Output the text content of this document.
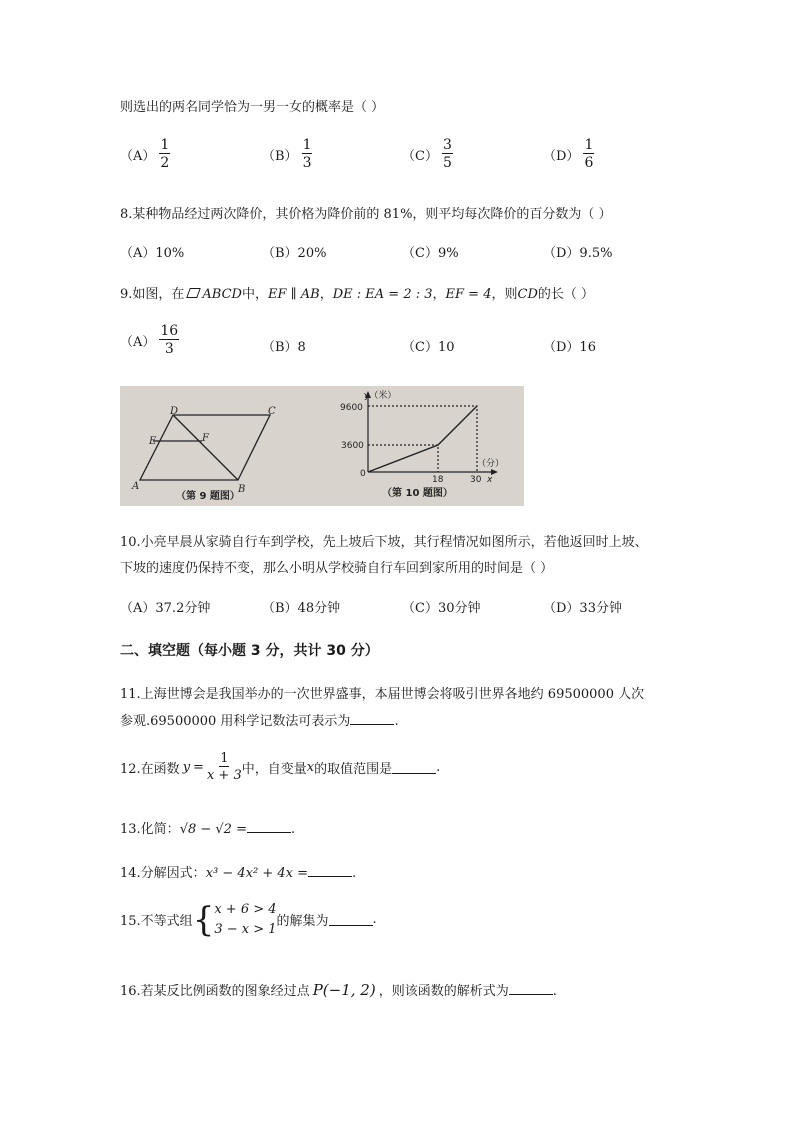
则选出的两名同学恰为一男一女的概率是（ ）
$(A) \frac{1}{2}$	$(B) \frac{1}{3}$	$(C) \frac{3}{5}$	$(D) \frac{1}{6}$
8.某种物品经过两次降价，其价格为降价前的 81%，则平均每次降价的百分数为（ ）
（A）10%	（B）20%	（C）9%	（D）9.5%
9.如图，在 ABCD中，EF ∥ AB，DE : EA = 2 : 3，EF = 4，则CD的长（ ）
$(A) \frac{16}{3}$	（B）8	（C）10	（D）16
A	B
C
D
E	F
（第 9 题图）
y（米）
9600
3600
0
18	30
（分）
x
（第 10 题图）
10.小亮早晨从家骑自行车到学校，先上坡后下坡，其行程情况如图所示，若他返回时上坡、
下坡的速度仍保持不变，那么小明从学校骑自行车回到家所用的时间是（ ）
（A）37.2分钟	（B）48分钟	（C）30分钟	（D）33分钟
二、填空题（每小题 3 分，共计 30 分）
11.上海世博会是我国举办的一次世界盛事，本届世博会将吸引世界各地约 69500000 人次
参观.69500000 用科学记数法可表示为	.
12.在函数 $y = \frac{1}{x + 3}$ 中，自变量 x 的取值范围是	.
13.化简：√8 − √2 =	.
14.分解因式：x³ − 4x² + 4x =	.
15.不等式组 { x + 6 > 4
3 − x > 1 的解集为	.
16.若某反比例函数的图象经过点 P(−1, 2) ，则该函数的解析式为	.
